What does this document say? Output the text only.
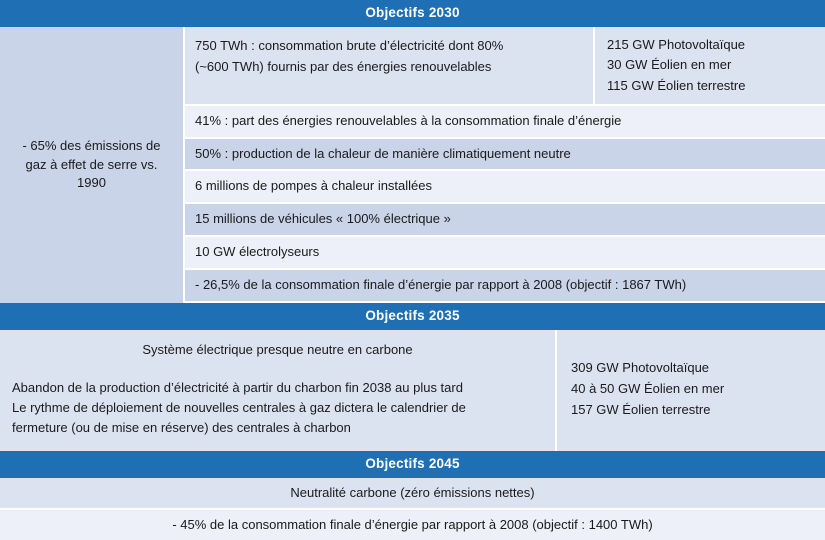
Objectifs 2030
- 65% des émissions de gaz à effet de serre vs. 1990
750 TWh : consommation brute d’électricité dont 80%
(~600 TWh) fournis par des énergies renouvelables
215 GW Photovoltaïque
30 GW Éolien en mer
115 GW Éolien terrestre
41% : part des énergies renouvelables à la consommation finale d’énergie
50% : production de la chaleur de manière climatiquement neutre
6 millions de pompes à chaleur installées
15 millions de véhicules « 100% électrique »
10 GW électrolyseurs
- 26,5% de la consommation finale d’énergie par rapport à 2008 (objectif : 1867 TWh)
Objectifs 2035
Système électrique presque neutre en carbone
Abandon de la production d’électricité à partir du charbon fin 2038 au plus tard
Le rythme de déploiement de nouvelles centrales à gaz dictera le calendrier de
fermeture (ou de mise en réserve) des centrales à charbon
309 GW Photovoltaïque
40 à 50 GW Éolien en mer
157 GW Éolien terrestre
Objectifs 2045
Neutralité carbone (zéro émissions nettes)
- 45% de la consommation finale d’énergie par rapport à 2008 (objectif : 1400 TWh)
